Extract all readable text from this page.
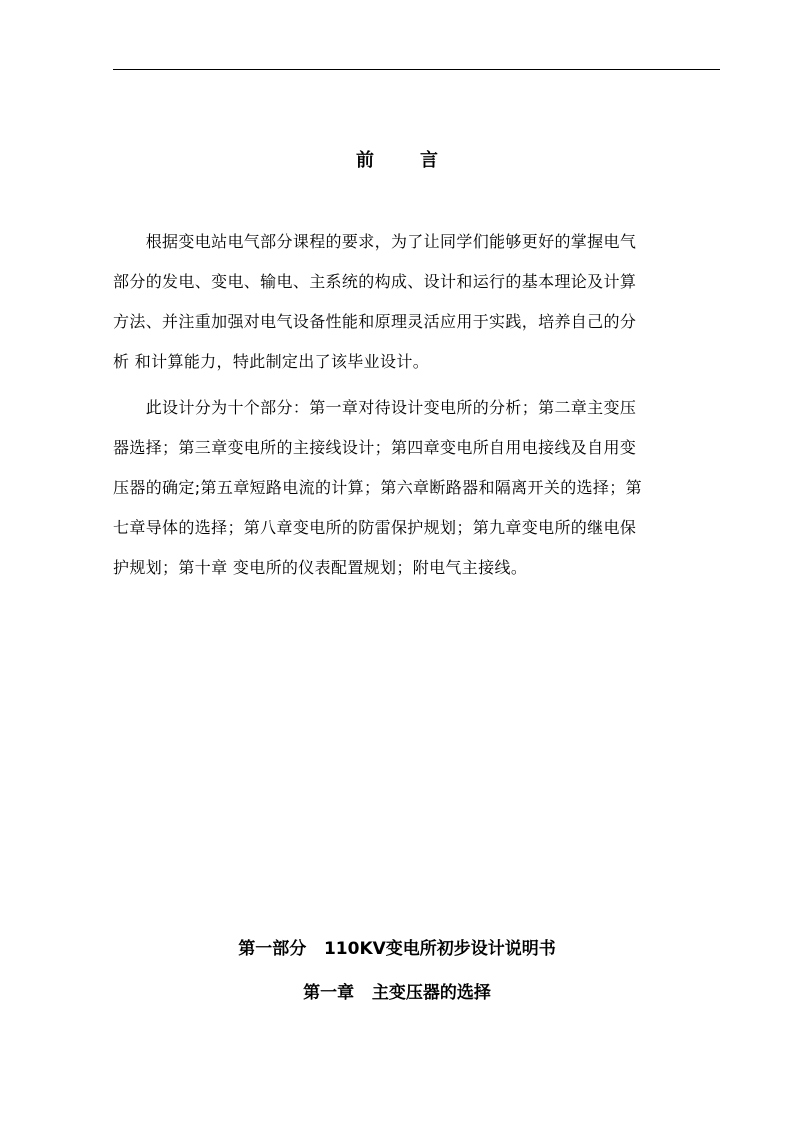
前	言
　　根据变电站电气部分课程的要求，为了让同学们能够更好的掌握电气
部分的发电、变电、输电、主系统的构成、设计和运行的基本理论及计算
方法、并注重加强对电气设备性能和原理灵活应用于实践，培养自己的分
析 和计算能力，特此制定出了该毕业设计。
　　此设计分为十个部分：第一章对待设计变电所的分析；第二章主变压
器选择；第三章变电所的主接线设计；第四章变电所自用电接线及自用变
压器的确定;第五章短路电流的计算；第六章断路器和隔离开关的选择；第
七章导体的选择；第八章变电所的防雷保护规划；第九章变电所的继电保
护规划；第十章 变电所的仪表配置规划；附电气主接线。
第一部分   110KV变电所初步设计说明书
第一章   主变压器的选择
